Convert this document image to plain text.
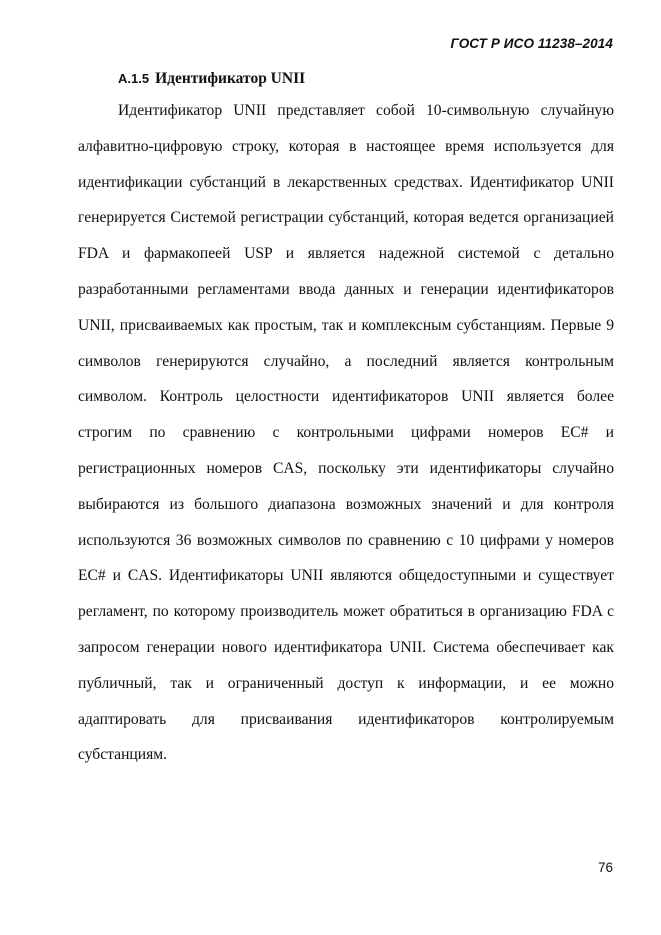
ГОСТ Р ИСО 11238–2014
А.1.5 Идентификатор UNII

Идентификатор UNII представляет собой 10-символьную случайную алфавитно-цифровую строку, которая в настоящее время используется для идентификации субстанций в лекарственных средствах. Идентификатор UNII генерируется Системой регистрации субстанций, которая ведется организацией FDA и фармакопеей USP и является надежной системой с детально разработанными регламентами ввода данных и генерации идентификаторов UNII, присваиваемых как простым, так и комплексным субстанциям. Первые 9 символов генерируются случайно, а последний является контрольным символом. Контроль целостности идентификаторов UNII является более строгим по сравнению с контрольными цифрами номеров EC# и регистрационных номеров CAS, поскольку эти идентификаторы случайно выбираются из большого диапазона возможных значений и для контроля используются 36 возможных символов по сравнению с 10 цифрами у номеров EC# и CAS. Идентификаторы UNII являются общедоступными и существует регламент, по которому производитель может обратиться в организацию FDA с запросом генерации нового идентификатора UNII. Система обеспечивает как публичный, так и ограниченный доступ к информации, и ее можно адаптировать для присваивания идентификаторов контролируемым субстанциям.

76
